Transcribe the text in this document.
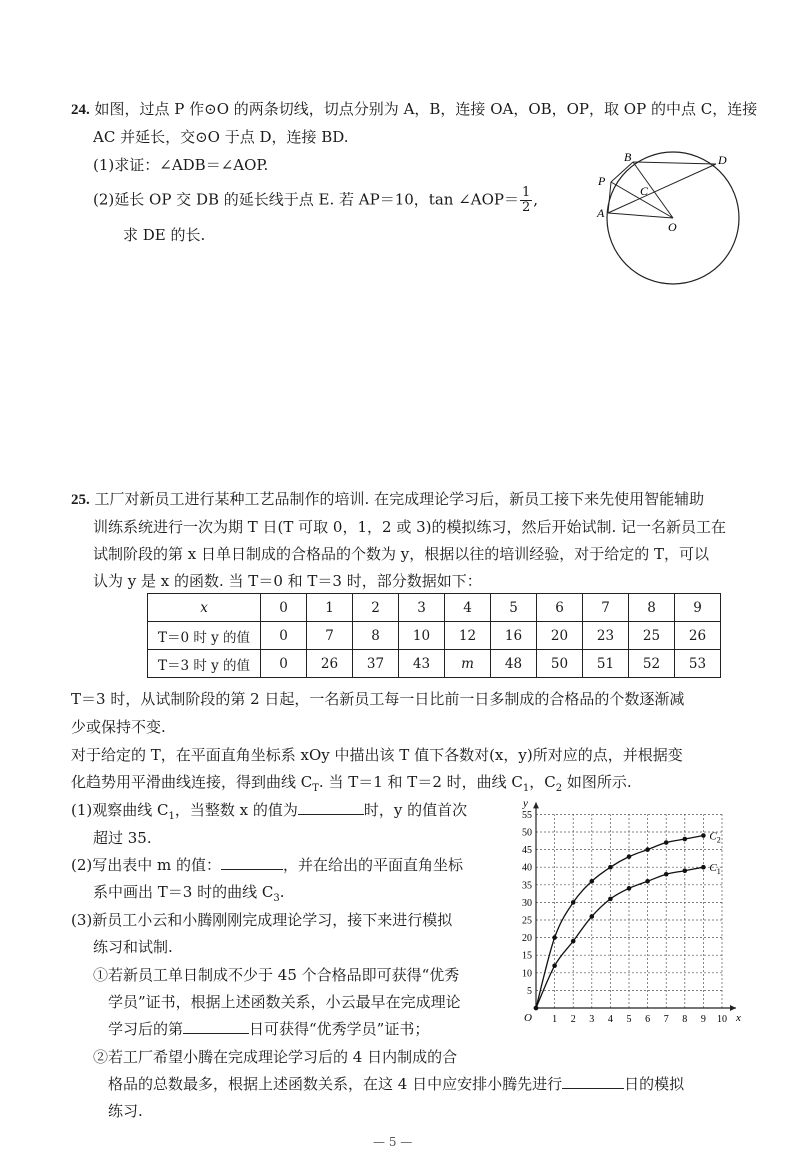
24. 如图，过点 P 作⊙O 的两条切线，切点分别为 A，B，连接 OA，OB，OP，取 OP 的中点 C，连接
AC 并延长，交⊙O 于点 D，连接 BD.
(1)求证：∠ADB＝∠AOP.
(2)延长 OP 交 DB 的延长线于点 E. 若 AP＝10，tan ∠AOP＝ $\frac{1}{2}$ ,
求 DE 的长.
B	D
P
C
A
O
25. 工厂对新员工进行某种工艺品制作的培训. 在完成理论学习后，新员工接下来先使用智能辅助
训练系统进行一次为期 T 日(T 可取 0，1，2 或 3)的模拟练习，然后开始试制. 记一名新员工在
试制阶段的第 x 日单日制成的合格品的个数为 y，根据以往的培训经验，对于给定的 T，可以
认为 y 是 x 的函数. 当 T＝0 和 T＝3 时，部分数据如下：
x	0	1	2	3	4	5	6	7	8	9
T＝0 时 y 的值	0	7	8	10	12	16	20	23	25	26
T＝3 时 y 的值	0	26	37	43	m	48	50	51	52	53
T＝3 时，从试制阶段的第 2 日起，一名新员工每一日比前一日多制成的合格品的个数逐渐减
少或保持不变.
对于给定的 T，在平面直角坐标系 xOy 中描出该 T 值下各数对(x，y)所对应的点，并根据变
化趋势用平滑曲线连接，得到曲线 $C_T$. 当 T＝1 和 T＝2 时，曲线 $C_1$，$C_2$ 如图所示.
(1)观察曲线 $C_1$，当整数 x 的值为	时，y 的值首次
超过 35.
(2)写出表中 m 的值：	，并在给出的平面直角坐标
系中画出 T＝3 时的曲线 $C_3$.
(3)新员工小云和小腾刚刚完成理论学习，接下来进行模拟
练习和试制.
①若新员工单日制成不少于 45 个合格品即可获得“优秀
学员”证书，根据上述函数关系，小云最早在完成理论
学习后的第	日可获得“优秀学员”证书；
②若工厂希望小腾在完成理论学习后的 4 日内制成的合
格品的总数最多，根据上述函数关系，在这 4 日中应安排小腾先进行	日的模拟
练习.
1 2 3 4 5 6 7 8 9 10
5
10
15
20
25
30
35
40
45
50
55
O	x
y
$C_1$
$C_2$
— 5 —
